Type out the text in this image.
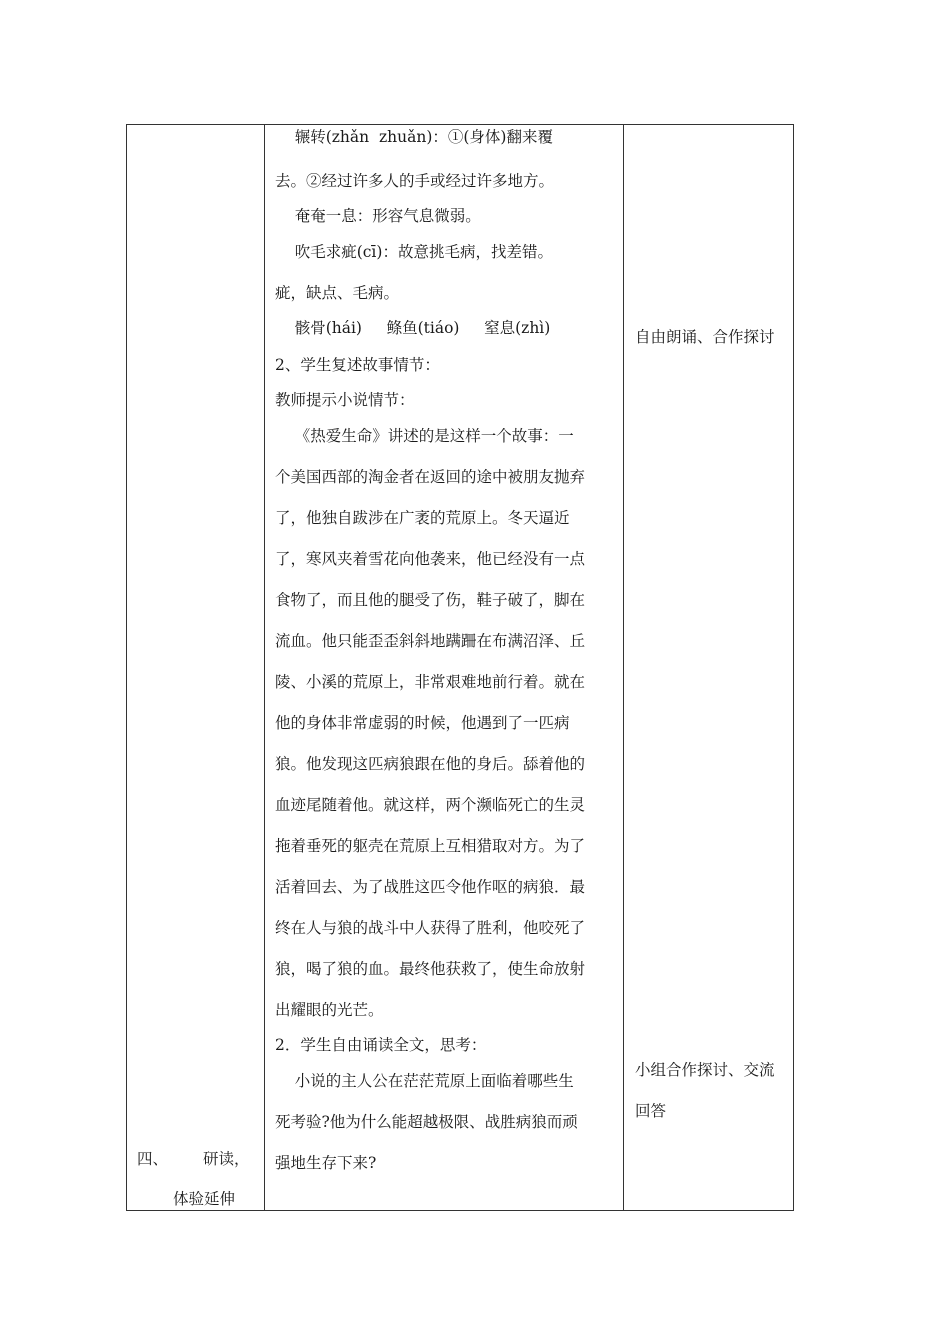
四、 研读，
体验延伸
辗转(zhǎn  zhuǎn)：①(身体)翻来覆
去。②经过许多人的手或经过许多地方。
奄奄一息：形容气息微弱。
吹毛求疵(cī)：故意挑毛病，找差错。
疵，缺点、毛病。
骸骨(hái)     鲦鱼(tiáo)     窒息(zhì)
2、学生复述故事情节：
教师提示小说情节：
《热爱生命》讲述的是这样一个故事：一
个美国西部的淘金者在返回的途中被朋友抛弃
了，他独自跋涉在广袤的荒原上。冬天逼近
了，寒风夹着雪花向他袭来，他已经没有一点
食物了，而且他的腿受了伤，鞋子破了，脚在
流血。他只能歪歪斜斜地蹒跚在布满沼泽、丘
陵、小溪的荒原上，非常艰难地前行着。就在
他的身体非常虚弱的时候，他遇到了一匹病
狼。他发现这匹病狼跟在他的身后。舔着他的
血迹尾随着他。就这样，两个濒临死亡的生灵
拖着垂死的躯壳在荒原上互相猎取对方。为了
活着回去、为了战胜这匹令他作呕的病狼．最
终在人与狼的战斗中人获得了胜利，他咬死了
狼，喝了狼的血。最终他获救了，使生命放射
出耀眼的光芒。
2．学生自由诵读全文，思考：
小说的主人公在茫茫荒原上面临着哪些生
死考验?他为什么能超越极限、战胜病狼而顽
强地生存下来?
自由朗诵、合作探讨
小组合作探讨、交流
回答
